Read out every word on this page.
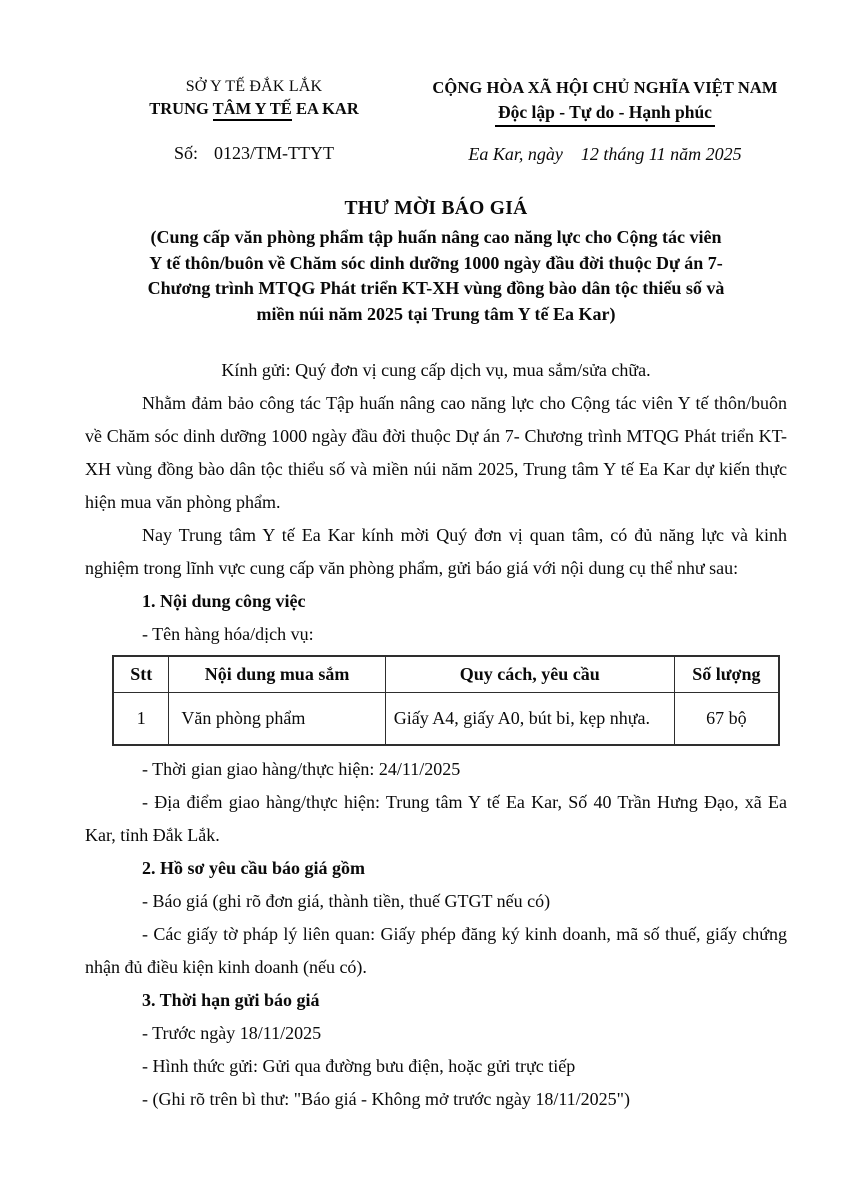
SỞ Y TẾ ĐẮK LẮK
TRUNG TÂM Y TẾ EA KAR
Số: 0123/TM-TTYT
CỘNG HÒA XÃ HỘI CHỦ NGHĨA VIỆT NAM
Độc lập - Tự do - Hạnh phúc
Ea Kar, ngày 12 tháng 11 năm 2025
THƯ MỜI BÁO GIÁ
(Cung cấp văn phòng phẩm tập huấn nâng cao năng lực cho Cộng tác viên
Y tế thôn/buôn về Chăm sóc dinh dưỡng 1000 ngày đầu đời thuộc Dự án 7-
Chương trình MTQG Phát triển KT-XH vùng đồng bào dân tộc thiểu số và
miền núi năm 2025 tại Trung tâm Y tế Ea Kar)
Kính gửi: Quý đơn vị cung cấp dịch vụ, mua sắm/sửa chữa.
Nhằm đảm bảo công tác Tập huấn nâng cao năng lực cho Cộng tác viên Y tế thôn/buôn về Chăm sóc dinh dưỡng 1000 ngày đầu đời thuộc Dự án 7- Chương trình MTQG Phát triển KT-XH vùng đồng bào dân tộc thiểu số và miền núi năm 2025, Trung tâm Y tế Ea Kar dự kiến thực hiện mua văn phòng phẩm.
Nay Trung tâm Y tế Ea Kar kính mời Quý đơn vị quan tâm, có đủ năng lực và kinh nghiệm trong lĩnh vực cung cấp văn phòng phẩm, gửi báo giá với nội dung cụ thể như sau:
1. Nội dung công việc
- Tên hàng hóa/dịch vụ:
Stt	Nội dung mua sắm	Quy cách, yêu cầu	Số lượng
1	Văn phòng phẩm	Giấy A4, giấy A0, bút bi, kẹp nhựa.	67 bộ
- Thời gian giao hàng/thực hiện: 24/11/2025
- Địa điểm giao hàng/thực hiện: Trung tâm Y tế Ea Kar, Số 40 Trần Hưng Đạo, xã Ea Kar, tỉnh Đắk Lắk.
2. Hồ sơ yêu cầu báo giá gồm
- Báo giá (ghi rõ đơn giá, thành tiền, thuế GTGT nếu có)
- Các giấy tờ pháp lý liên quan: Giấy phép đăng ký kinh doanh, mã số thuế, giấy chứng nhận đủ điều kiện kinh doanh (nếu có).
3. Thời hạn gửi báo giá
- Trước ngày 18/11/2025
- Hình thức gửi: Gửi qua đường bưu điện, hoặc gửi trực tiếp
- (Ghi rõ trên bì thư: "Báo giá - Không mở trước ngày 18/11/2025")
